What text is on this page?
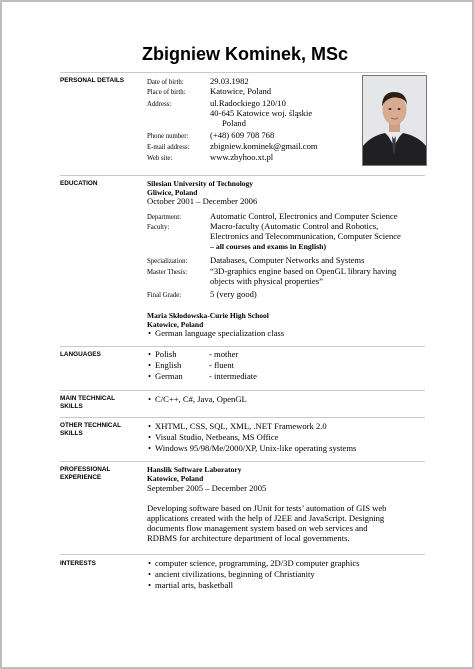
Zbigniew Kominek, MSc
PERSONAL DETAILS	Date of birth:	29.03.1982
Place of birth:	Katowice, Poland
Address:	ul.Radockiego 120/10
40-645 Katowice woj. śląskie
Poland
Phone number:	(+48) 609 708 768
E-mail address: zbigniew.kominek@gmail.com
Web site:	www.zbyhoo.xt.pl
EDUCATION	Silesian University of Technology
Gliwice, Poland
October 2001 – December 2006
Department:	Automatic Control, Electronics and Computer Science
Faculty:	Macro-faculty (Automatic Control and Robotics,
Electronics and Telecommunication, Computer Science
– all courses and exams in English)
Specialization:	Databases, Computer Networks and Systems
Master Thesis:	“3D-graphics engine based on OpenGL library having
objects with physical properties”
Final Grade:	5 (very good)
Maria Skłodowska-Curie High School
Katowice, Poland
• German language specialization class
LANGUAGES	• Polish	- mother
• English	- fluent
• German	- intermediate
MAIN TECHNICAL
SKILLS
• C/C++, C#, Java, OpenGL
OTHER TECHNICAL
SKILLS
• XHTML, CSS, SQL, XML, .NET Framework 2.0
• Visual Studio, Netbeans, MS Office
• Windows 95/98/Me/2000/XP, Unix-like operating systems
PROFESSIONAL
EXPERIENCE
Hanslik Software Laboratory
Katowice, Poland
September 2005 – December 2005
Developing software based on JUnit for tests’ automation of GIS web
applications created with the help of J2EE and JavaScript. Designing
documents flow management system based on web services and
RDBMS for architecture department of local governments.
INTERESTS	• computer science, programming, 2D/3D computer graphics
• ancient civilizations, beginning of Christianity
• martial arts, basketball
